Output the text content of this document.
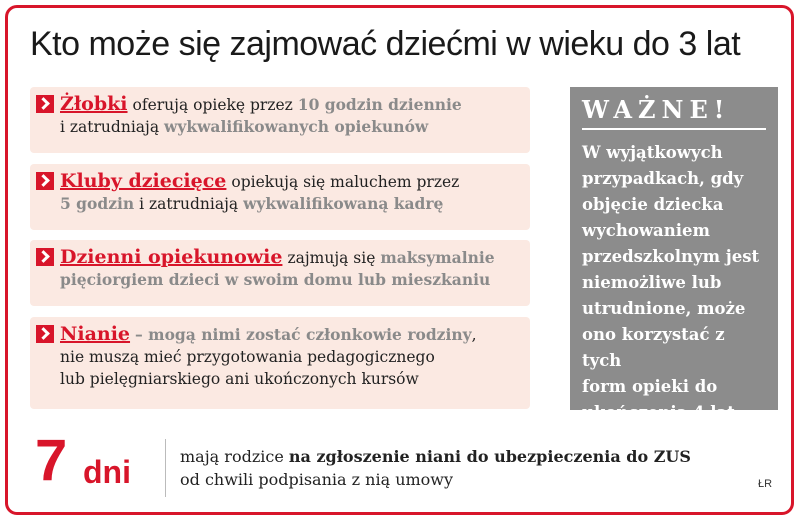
Kto może się zajmować dziećmi w wieku do 3 lat
Żłobki oferują opiekę przez 10 godzin dziennie
i zatrudniają wykwalifikowanych opiekunów
Kluby dziecięce opiekują się maluchem przez
5 godzin i zatrudniają wykwalifikowaną kadrę
Dzienni opiekunowie zajmują się maksymalnie
pięciorgiem dzieci w swoim domu lub mieszkaniu
Nianie – mogą nimi zostać członkowie rodziny,
nie muszą mieć przygotowania pedagogicznego
lub pielęgniarskiego ani ukończonych kursów
WAŻNE!
W wyjątkowych
przypadkach, gdy
objęcie dziecka
wychowaniem
przedszkolnym jest
niemożliwe lub
utrudnione, może
ono korzystać z tych
form opieki do
ukończenia 4 lat
7 dni	mają rodzice na zgłoszenie niani do ubezpieczenia do ZUS
od chwili podpisania z nią umowy	ŁR
